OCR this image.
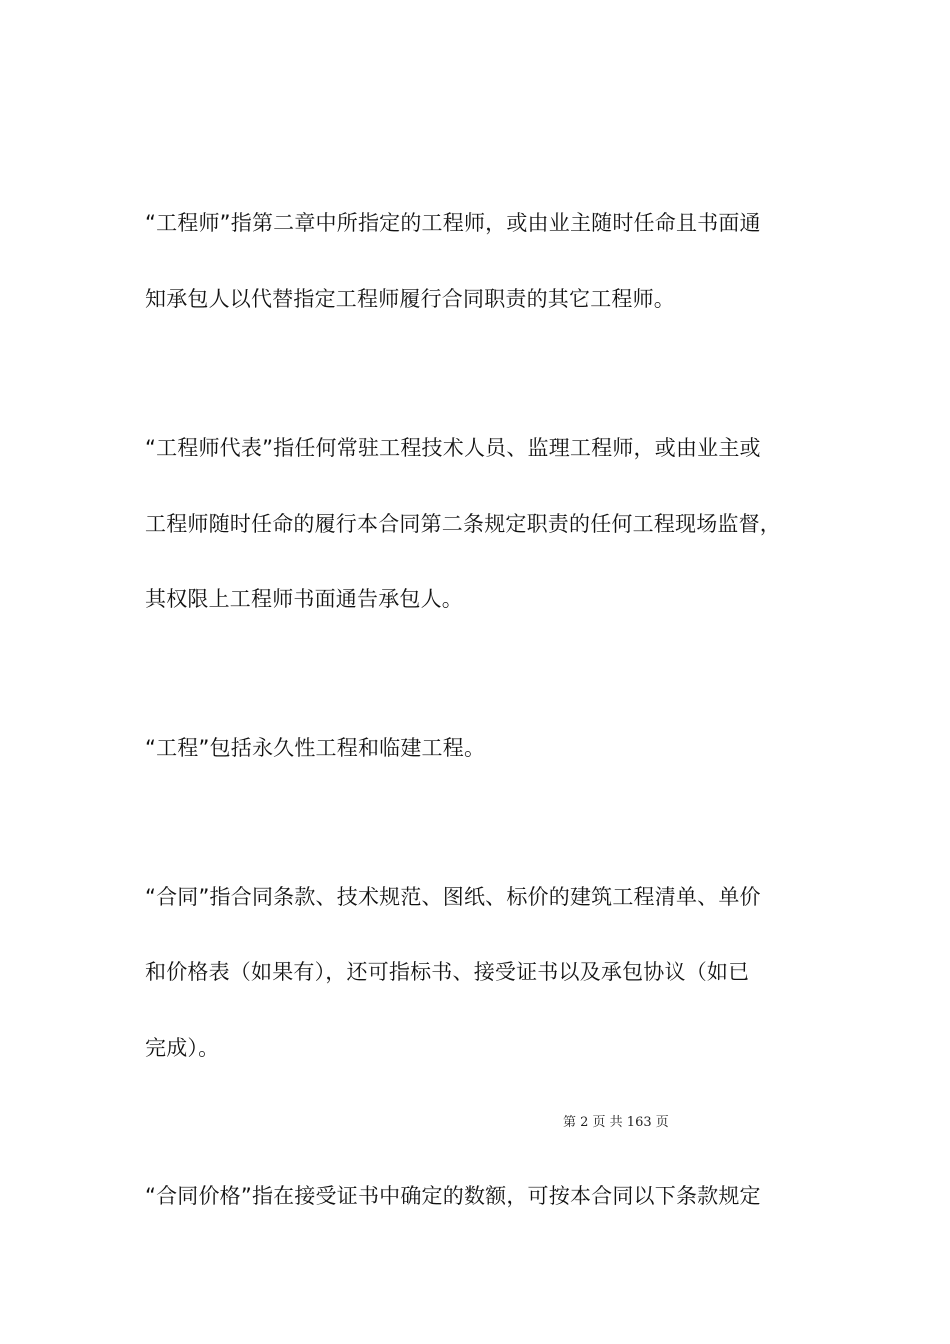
“工程师”指第二章中所指定的工程师，或由业主随时任命且书面通
知承包人以代替指定工程师履行合同职责的其它工程师。
“工程师代表”指任何常驻工程技术人员、监理工程师，或由业主或
工程师随时任命的履行本合同第二条规定职责的任何工程现场监督，
其权限上工程师书面通告承包人。
“工程”包括永久性工程和临建工程。
“合同”指合同条款、技术规范、图纸、标价的建筑工程清单、单价
和价格表（如果有），还可指标书、接受证书以及承包协议（如已
完成）。
第 2 页 共 163 页
“合同价格”指在接受证书中确定的数额，可按本合同以下条款规定
